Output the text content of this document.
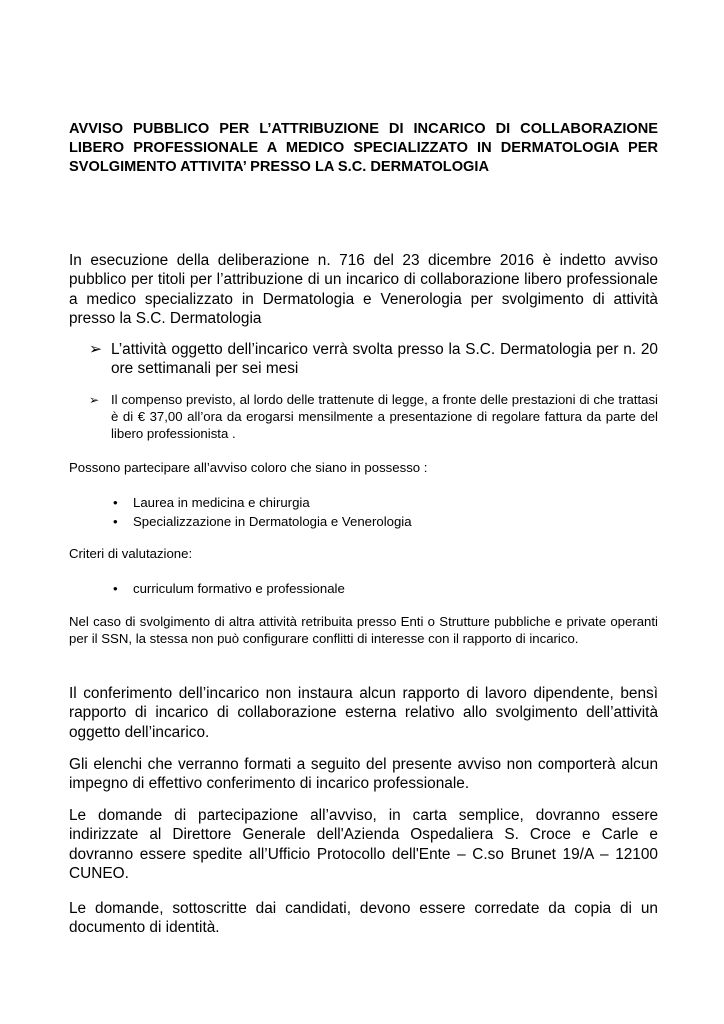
AVVISO PUBBLICO PER L’ATTRIBUZIONE DI INCARICO DI COLLABORAZIONE LIBERO PROFESSIONALE A MEDICO SPECIALIZZATO IN DERMATOLOGIA PER SVOLGIMENTO ATTIVITA’ PRESSO LA S.C. DERMATOLOGIA

In esecuzione della deliberazione n. 716 del 23 dicembre 2016 è indetto avviso pubblico per titoli per l’attribuzione di un incarico di collaborazione libero professionale a medico specializzato in Dermatologia e Venerologia per svolgimento di attività presso la S.C. Dermatologia

➢ L’attività oggetto dell’incarico verrà svolta presso la S.C. Dermatologia per n. 20 ore settimanali per sei mesi
➢ Il compenso previsto, al lordo delle trattenute di legge, a fronte delle prestazioni di che trattasi è di € 37,00 all’ora da erogarsi mensilmente a presentazione di regolare fattura da parte del libero professionista .

Possono partecipare all’avviso coloro che siano in possesso :

• Laurea in medicina e chirurgia

• Specializzazione in Dermatologia e Venerologia

Criteri di valutazione:

• curriculum formativo e professionale

Nel caso di svolgimento di altra attività retribuita presso Enti o Strutture pubbliche e private operanti per il SSN, la stessa non può configurare conflitti di interesse con il rapporto di incarico.

Il conferimento dell’incarico non instaura alcun rapporto di lavoro dipendente, bensì rapporto di incarico di collaborazione esterna relativo allo svolgimento dell’attività oggetto dell’incarico.

Gli elenchi che verranno formati a seguito del presente avviso non comporterà alcun impegno di effettivo conferimento di incarico professionale.

Le domande di partecipazione all’avviso, in carta semplice, dovranno essere indirizzate al Direttore Generale dell'Azienda Ospedaliera S. Croce e Carle e dovranno essere spedite all’Ufficio Protocollo dell'Ente – C.so Brunet 19/A – 12100 CUNEO.

Le domande, sottoscritte dai candidati, devono essere corredate da copia di un documento di identità.
